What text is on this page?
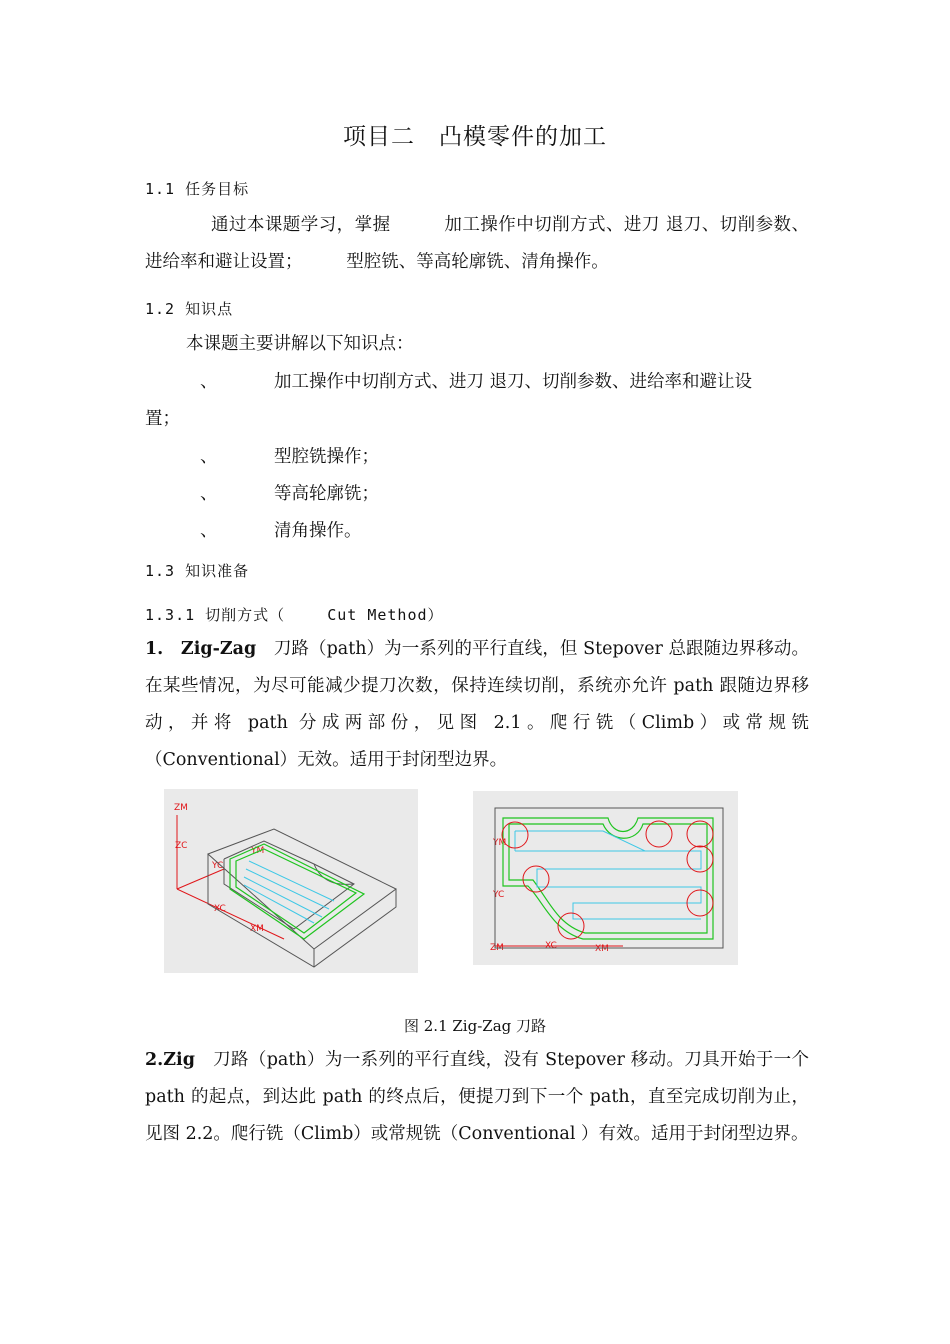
项目二　凸模零件的加工
1.1 任务目标
通过本课题学习，掌握　　　加工操作中切削方式、进刀 退刀、切削参数、进给率和避让设置；　　　型腔铣、等高轮廓铣、清角操作。
1.2 知识点
本课题主要讲解以下知识点：
、	加工操作中切削方式、进刀 退刀、切削参数、进给率和避让设
置；
、	型腔铣操作；
、	等高轮廓铣；
、	清角操作。
1.3 知识准备
1.3.1 切削方式（　　 Cut Method）
1.　Zig-Zag　刀路（path）为一系列的平行直线，但 Stepover 总跟随边界移动。在某些情况，为尽可能减少提刀次数，保持连续切削，系统亦允许 path 跟随边界移动，并将 path 分成两部份，见图 2.1。爬行铣（Climb）或常规铣（Conventional）无效。适用于封闭型边界。
ZM
ZC	YM
YC
XC
XM
YM
YC
ZM	XC	XM
图 2.1 Zig-Zag 刀路
2.Zig　刀路（path）为一系列的平行直线，没有 Stepover 移动。刀具开始于一个 path 的起点，到达此 path 的终点后，便提刀到下一个 path，直至完成切削为止，见图 2.2。爬行铣（Climb）或常规铣（Conventional ）有效。适用于封闭型边界。
